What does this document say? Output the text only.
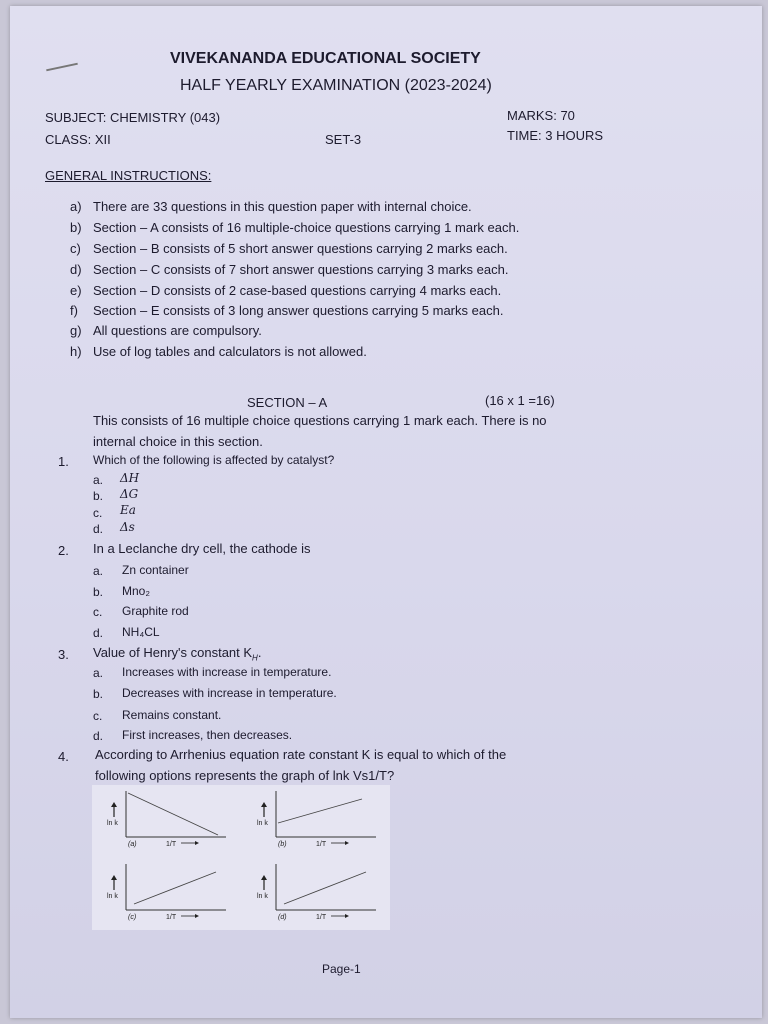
VIVEKANANDA EDUCATIONAL SOCIETY
HALF YEARLY EXAMINATION (2023-2024)
SUBJECT: CHEMISTRY (043)	MARKS: 70
CLASS: XII	SET-3	TIME: 3 HOURS
GENERAL INSTRUCTIONS:
a) There are 33 questions in this question paper with internal choice.
b) Section – A consists of 16 multiple-choice questions carrying 1 mark each.
c) Section – B consists of 5 short answer questions carrying 2 marks each.
d) Section – C consists of 7 short answer questions carrying 3 marks each.
e) Section – D consists of 2 case-based questions carrying 4 marks each.
f) Section – E consists of 3 long answer questions carrying 5 marks each.
g) All questions are compulsory.
h) Use of log tables and calculators is not allowed.
SECTION – A	(16 x 1 =16)
This consists of 16 multiple choice questions carrying 1 mark each. There is no
internal choice in this section.
1. Which of the following is affected by catalyst?
a. ΔH
b. ΔG
c. Ea
d. Δs
2. In a Leclanche dry cell, the cathode is
a. Zn container
b. Mno₂
c. Graphite rod
d. NH₄CL
3. Value of Henry's constant $K_H$.
a. Increases with increase in temperature.
b. Decreases with increase in temperature.
c. Remains constant.
d. First increases, then decreases.
4. According to Arrhenius equation rate constant K is equal to which of the
following options represents the graph of lnk Vs1/T?
ln k
(a)	1/T
ln k
(b)	1/T
ln k
(c)	1/T
ln k
(d)	1/T
Page-1
